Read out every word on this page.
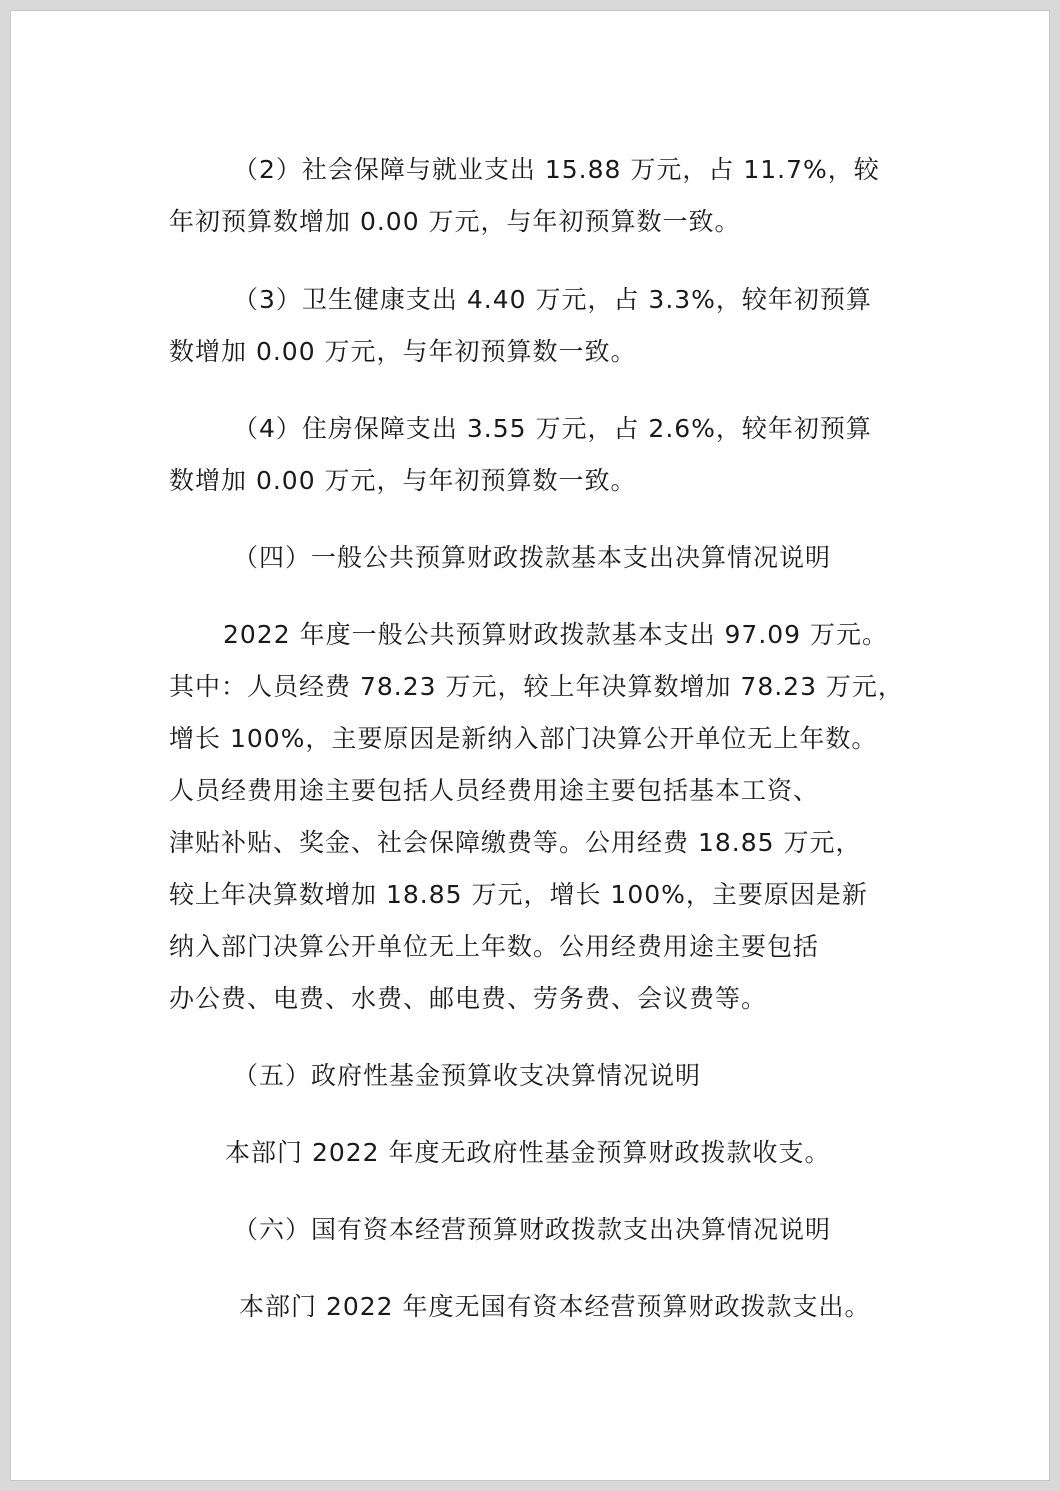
（2）社会保障与就业支出 15.88 万元，占 11.7%，较
年初预算数增加 0.00 万元，与年初预算数一致。
（3）卫生健康支出 4.40 万元，占 3.3%，较年初预算
数增加 0.00 万元，与年初预算数一致。
（4）住房保障支出 3.55 万元，占 2.6%，较年初预算
数增加 0.00 万元，与年初预算数一致。
（四）一般公共预算财政拨款基本支出决算情况说明
2022 年度一般公共预算财政拨款基本支出 97.09 万元。
其中：人员经费 78.23 万元，较上年决算数增加 78.23 万元，
增长 100%，主要原因是新纳入部门决算公开单位无上年数。
人员经费用途主要包括人员经费用途主要包括基本工资、
津贴补贴、奖金、社会保障缴费等。公用经费 18.85 万元，
较上年决算数增加 18.85 万元，增长 100%，主要原因是新
纳入部门决算公开单位无上年数。公用经费用途主要包括
办公费、电费、水费、邮电费、劳务费、会议费等。
（五）政府性基金预算收支决算情况说明
本部门 2022 年度无政府性基金预算财政拨款收支。
（六）国有资本经营预算财政拨款支出决算情况说明
本部门 2022 年度无国有资本经营预算财政拨款支出。
